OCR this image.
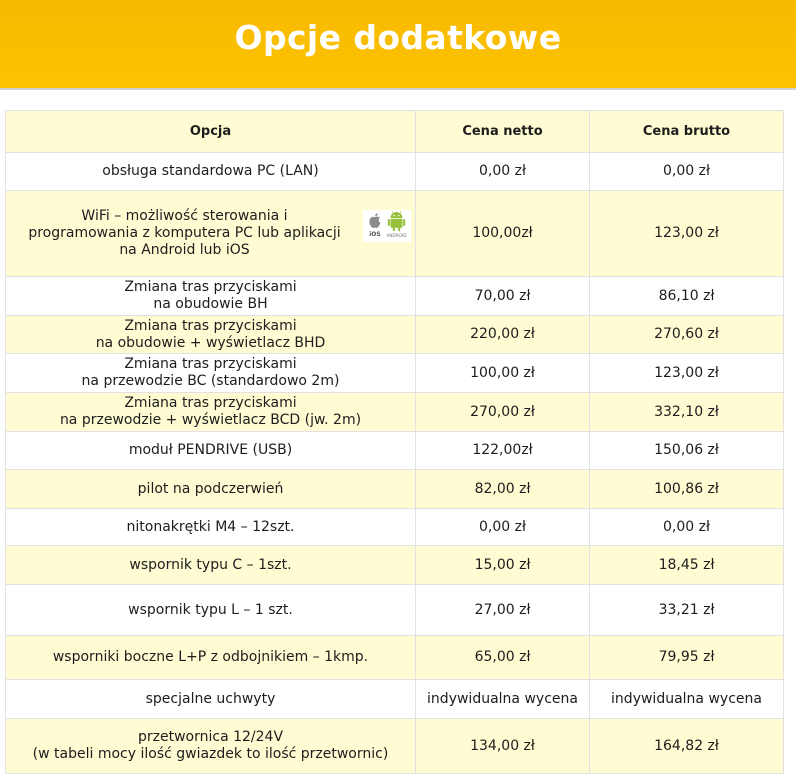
Opcje dodatkowe
Opcja	Cena netto	Cena brutto
obsługa standardowa PC (LAN)	0,00 zł	0,00 zł

WiFi – możliwość sterowania i
programowania z komputera PC lub aplikacji
na Android lub iOS
iOS ANDROID	100,00zł	123,00 zł
Zmiana tras przyciskami
na obudowie BH	70,00 zł	86,10 zł
Zmiana tras przyciskami
na obudowie + wyświetlacz BHD	220,00 zł	270,60 zł
Zmiana tras przyciskami
na przewodzie BC (standardowo 2m)	100,00 zł	123,00 zł
Zmiana tras przyciskami
na przewodzie + wyświetlacz BCD (jw. 2m)	270,00 zł	332,10 zł
moduł PENDRIVE (USB)	122,00zł	150,06 zł
pilot na podczerwień	82,00 zł	100,86 zł
nitonakrętki M4 – 12szt.	0,00 zł	0,00 zł
wspornik typu C – 1szt.	15,00 zł	18,45 zł
wspornik typu L – 1 szt.	27,00 zł	33,21 zł
wsporniki boczne L+P z odbojnikiem – 1kmp.	65,00 zł	79,95 zł
specjalne uchwyty	indywidualna wycena	indywidualna wycena
przetwornica 12/24V
(w tabeli mocy ilość gwiazdek to ilość przetwornic)	134,00 zł	164,82 zł
